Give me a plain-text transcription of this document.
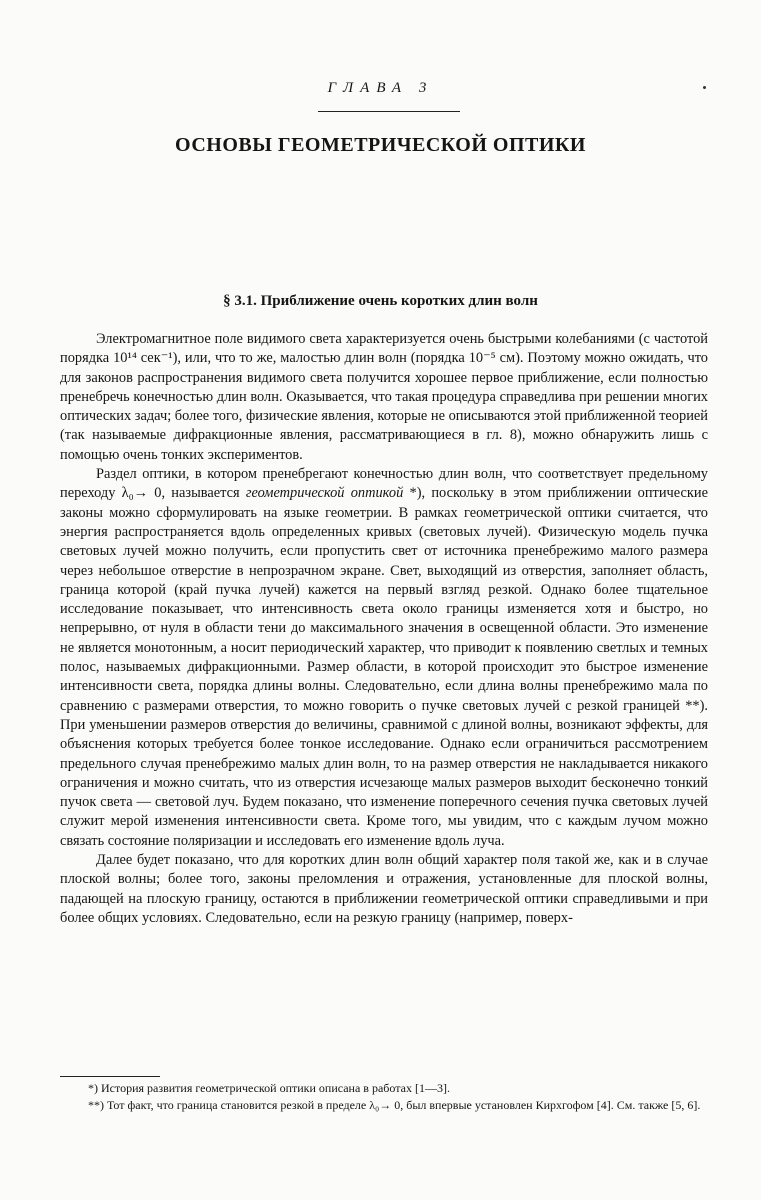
ГЛАВА 3
ОСНОВЫ ГЕОМЕТРИЧЕСКОЙ ОПТИКИ
§ 3.1. Приближение очень коротких длин волн

Электромагнитное поле видимого света характеризуется очень быстрыми колебаниями (с частотой порядка 10¹⁴ сек⁻¹), или, что то же, малостью длин волн (порядка 10⁻⁵ см). Поэтому можно ожидать, что для законов распространения видимого света получится хорошее первое приближение, если полностью пренебречь конечностью длин волн. Оказывается, что такая процедура справедлива при решении многих оптических задач; более того, физические явления, которые не описываются этой приближенной теорией (так называемые дифракционные явления, рассматривающиеся в гл. 8), можно обнаружить лишь с помощью очень тонких экспериментов.

Раздел оптики, в котором пренебрегают конечностью длин волн, что соответствует предельному переходу λ₀→ 0, называется геометрической оптикой *), поскольку в этом приближении оптические законы можно сформулировать на языке геометрии. В рамках геометрической оптики считается, что энергия распространяется вдоль определенных кривых (световых лучей). Физическую модель пучка световых лучей можно получить, если пропустить свет от источника пренебрежимо малого размера через небольшое отверстие в непрозрачном экране. Свет, выходящий из отверстия, заполняет область, граница которой (край пучка лучей) кажется на первый взгляд резкой. Однако более тщательное исследование показывает, что интенсивность света около границы изменяется хотя и быстро, но непрерывно, от нуля в области тени до максимального значения в освещенной области. Это изменение не является монотонным, а носит периодический характер, что приводит к появлению светлых и темных полос, называемых дифракционными. Размер области, в которой происходит это быстрое изменение интенсивности света, порядка длины волны. Следовательно, если длина волны пренебрежимо мала по сравнению с размерами отверстия, то можно говорить о пучке световых лучей с резкой границей **). При уменьшении размеров отверстия до величины, сравнимой с длиной волны, возникают эффекты, для объяснения которых требуется более тонкое исследование. Однако если ограничиться рассмотрением предельного случая пренебрежимо малых длин волн, то на размер отверстия не накладывается никакого ограничения и можно считать, что из отверстия исчезающе малых размеров выходит бесконечно тонкий пучок света — световой луч. Будем показано, что изменение поперечного сечения пучка световых лучей служит мерой изменения интенсивности света. Кроме того, мы увидим, что с каждым лучом можно связать состояние поляризации и исследовать его изменение вдоль луча.

Далее будет показано, что для коротких длин волн общий характер поля такой же, как и в случае плоской волны; более того, законы преломления и отражения, установленные для плоской волны, падающей на плоскую границу, остаются в приближении геометрической оптики справедливыми и при более общих условиях. Следовательно, если на резкую границу (например, поверх-

*) История развития геометрической оптики описана в работах [1—3].

**) Тот факт, что граница становится резкой в пределе λ₀→ 0, был впервые установлен Кирхгофом [4]. См. также [5, 6].
